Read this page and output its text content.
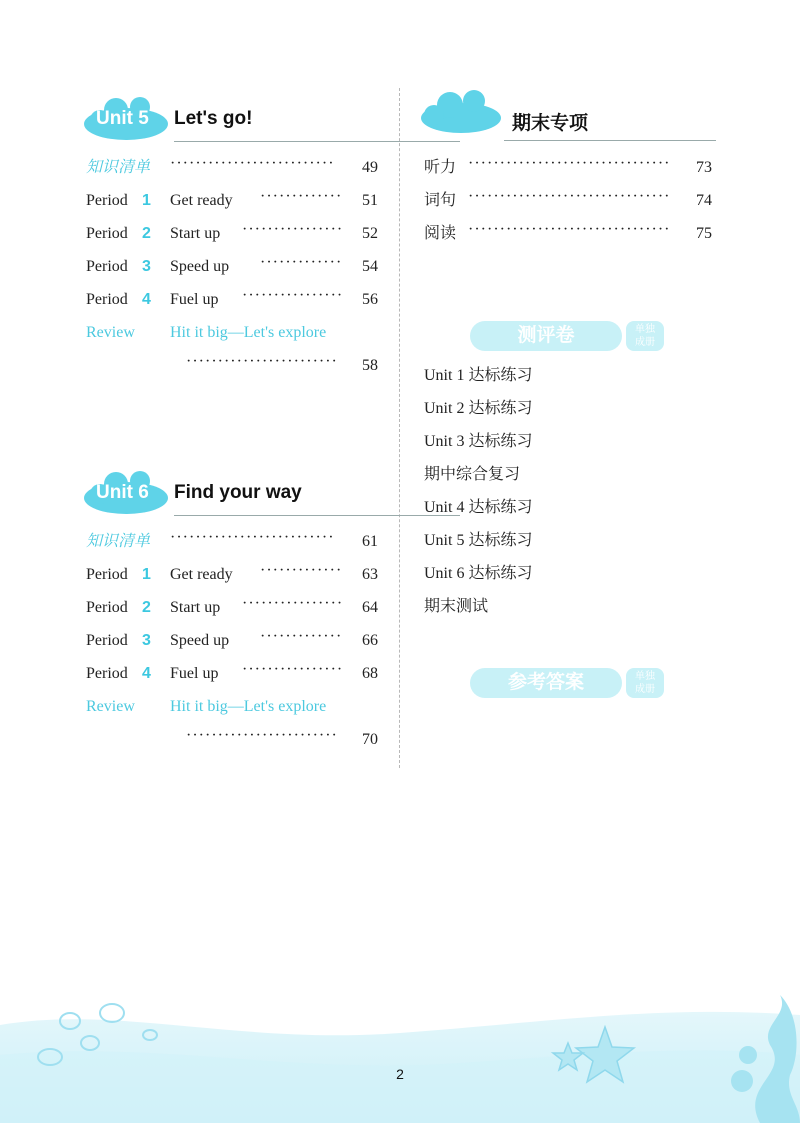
Unit 5 Let's go!
知识清单 ··························	49
Period 1 Get ready ·············	51
Period 2 Start up ················	52
Period 3 Speed up ·············	54
Period 4 Fuel up ················	56
Review Hit it big—Let's explore
························	58
Unit 6 Find your way
知识清单 ··························	61
Period 1 Get ready ·············	63
Period 2 Start up ················	64
Period 3 Speed up ·············	66
Period 4 Fuel up ················	68
Review Hit it big—Let's explore
························	70
期末专项
听力 ································	73
词句 ································	74
阅读 ································	75
测评卷	单独
成册
Unit 1 达标练习
Unit 2 达标练习
Unit 3 达标练习
期中综合复习
Unit 4 达标练习
Unit 5 达标练习
Unit 6 达标练习
期末测试
参考答案	单独
成册
2
